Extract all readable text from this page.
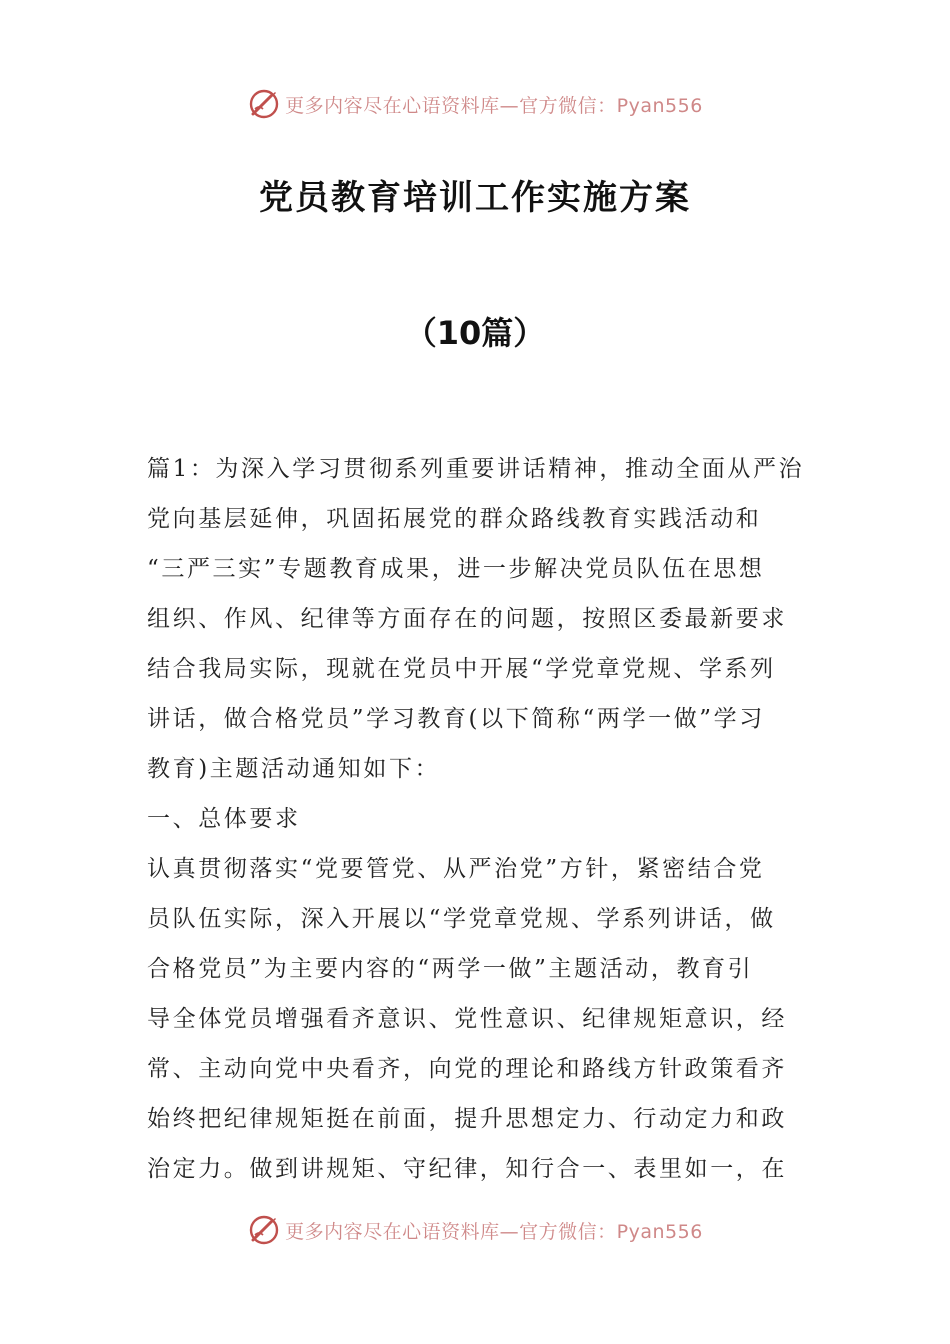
更多内容尽在心语资料库—官方微信：Pyan556
党员教育培训工作实施方案
（10篇）
篇1：为深入学习贯彻系列重要讲话精神，推动全面从严治
党向基层延伸，巩固拓展党的群众路线教育实践活动和
“三严三实”专题教育成果，进一步解决党员队伍在思想
组织、作风、纪律等方面存在的问题，按照区委最新要求
结合我局实际，现就在党员中开展“学党章党规、学系列
讲话，做合格党员”学习教育(以下简称“两学一做”学习
教育)主题活动通知如下：
一、总体要求
认真贯彻落实“党要管党、从严治党”方针，紧密结合党
员队伍实际，深入开展以“学党章党规、学系列讲话，做
合格党员”为主要内容的“两学一做”主题活动，教育引
导全体党员增强看齐意识、党性意识、纪律规矩意识，经
常、主动向党中央看齐，向党的理论和路线方针政策看齐
始终把纪律规矩挺在前面，提升思想定力、行动定力和政
治定力。做到讲规矩、守纪律，知行合一、表里如一，在
更多内容尽在心语资料库—官方微信：Pyan556
